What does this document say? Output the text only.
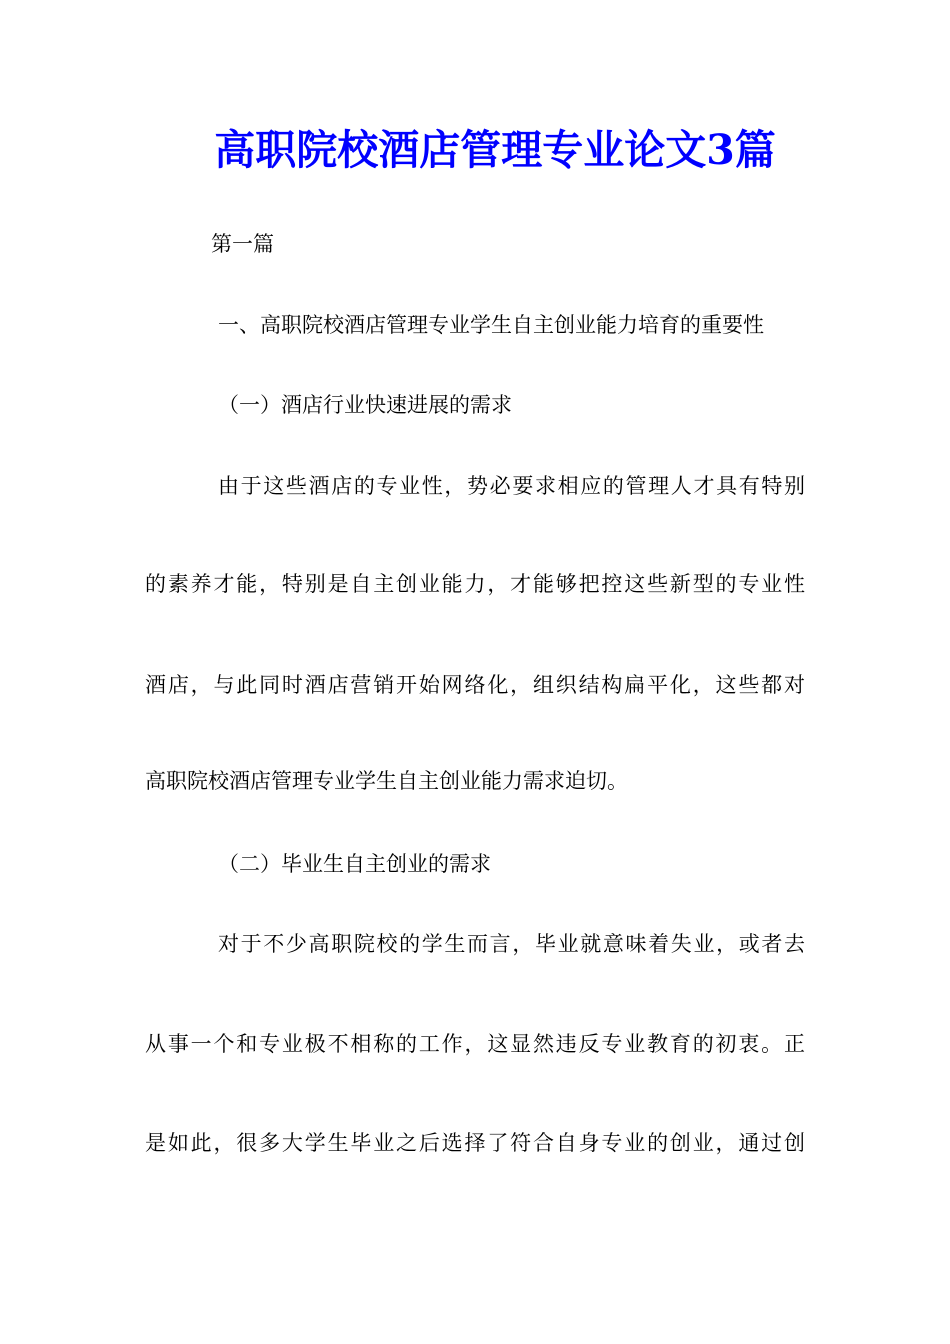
高职院校酒店管理专业论文3篇
第一篇
一、高职院校酒店管理专业学生自主创业能力培育的重要性
（一）酒店行业快速进展的需求
由于这些酒店的专业性，势必要求相应的管理人才具有特别
的素养才能，特别是自主创业能力，才能够把控这些新型的专业性
酒店，与此同时酒店营销开始网络化，组织结构扁平化，这些都对
高职院校酒店管理专业学生自主创业能力需求迫切。
（二）毕业生自主创业的需求
对于不少高职院校的学生而言，毕业就意味着失业，或者去
从事一个和专业极不相称的工作，这显然违反专业教育的初衷。正
是如此，很多大学生毕业之后选择了符合自身专业的创业，通过创
